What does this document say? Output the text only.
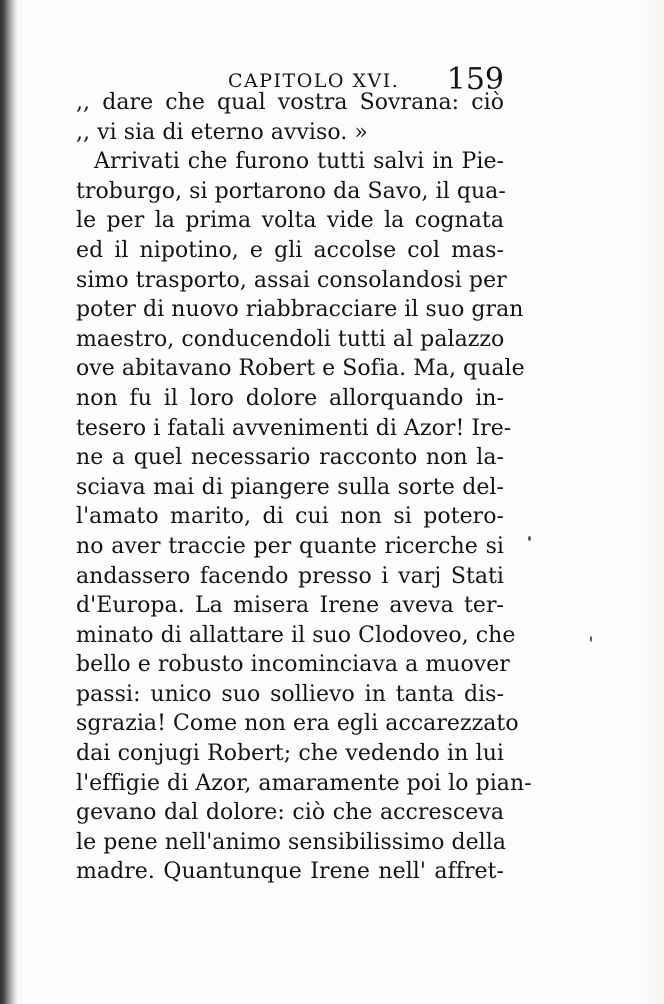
CAPITOLO XVI. 159
,, dare che qual vostra Sovrana: ciò
,, vi sia di eterno avviso. »
Arrivati che furono tutti salvi in Pie-
troburgo, si portarono da Savo, il qua-
le per la prima volta vide la cognata
ed il nipotino, e gli accolse col mas-
simo trasporto, assai consolandosi per
poter di nuovo riabbracciare il suo gran
maestro, conducendoli tutti al palazzo
ove abitavano Robert e Sofia. Ma, quale
non fu il loro dolore allorquando in-
tesero i fatali avvenimenti di Azor! Ire-
ne a quel necessario racconto non la-
sciava mai di piangere sulla sorte del-
l'amato marito, di cui non si potero-
no aver traccie per quante ricerche si
andassero facendo presso i varj Stati
d'Europa. La misera Irene aveva ter-
minato di allattare il suo Clodoveo, che
bello e robusto incominciava a muover
passi: unico suo sollievo in tanta dis-
sgrazia! Come non era egli accarezzato
dai conjugi Robert; che vedendo in lui
l'effigie di Azor, amaramente poi lo pian-
gevano dal dolore: ciò che accresceva
le pene nell'animo sensibilissimo della
madre. Quantunque Irene nell' affret-
